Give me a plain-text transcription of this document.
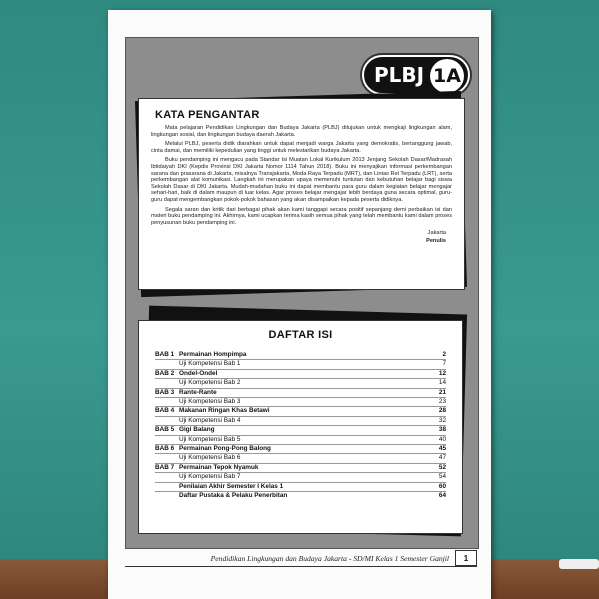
PLBJ 1A
KATA PENGANTAR

Mata pelajaran Pendidikan Lingkungan dan Budaya Jakarta (PLBJ) ditujukan untuk mengkaji lingkungan alam, lingkungan sosial, dan lingkungan budaya daerah Jakarta.

Melalui PLBJ, peserta didik diarahkan untuk dapat menjadi warga Jakarta yang demokratis, bertanggung jawab, cinta damai, dan memiliki kepedulian yang tinggi untuk melestarikan budaya Jakarta.

Buku pendamping ini mengacu pada Standar Isi Muatan Lokal Kurikulum 2013 Jenjang Sekolah Dasar/Madrasah Ibtidaiyah DKI (Kepdis Provinsi DKI Jakarta Nomor 1114 Tahun 2018). Buku ini menyajikan informasi perkembangan sarana dan prasarana di Jakarta, misalnya Transjakarta, Moda Raya Terpadu (MRT), dan Lintas Rel Terpadu (LRT), serta perkembangan alat komunikasi. Langkah ini merupakan upaya memenuhi tuntutan dan kebutuhan belajar bagi siswa Sekolah Dasar di DKI Jakarta. Mudah-mudahan buku ini dapat membantu para guru dalam kegiatan belajar mengajar sehari-hari, baik di dalam maupun di luar kelas. Agar proses belajar mengajar lebih berdaya guna secara optimal, guru-guru dapat mengembangkan pokok-pokok bahasan yang akan disampaikan kepada peserta didiknya.

Segala saran dan kritik dari berbagai pihak akan kami tanggapi secara positif sepanjang demi perbaikan isi dan materi buku pendamping ini. Akhirnya, kami ucapkan terima kasih semua pihak yang telah membantu kami dalam proses penyusunan buku pendamping ini.

Jakarta
Penulis
DAFTAR ISI
BAB 1 Permainan Hompimpa	2
Uji Kompetensi Bab 1	7
BAB 2 Ondel-Ondel	12
Uji Kompetensi Bab 2	14
BAB 3 Rante-Rante	21
Uji Kompetensi Bab 3	23
BAB 4 Makanan Ringan Khas Betawi	28
Uji Kompetensi Bab 4	32
BAB 5 Gigi Balang	38
Uji Kompetensi Bab 5	40
BAB 6 Permainan Pong-Pong Balong	45
Uji Kompetensi Bab 6	47
BAB 7 Permainan Tepok Nyamuk	52
Uji Kompetensi Bab 7	54
Penilaian Akhir Semester I Kelas 1	60
Daftar Pustaka & Pelaku Penerbitan	64
Pendidikan Lingkungan dan Budaya Jakarta - SD/MI Kelas 1 Semester Ganjil	1
